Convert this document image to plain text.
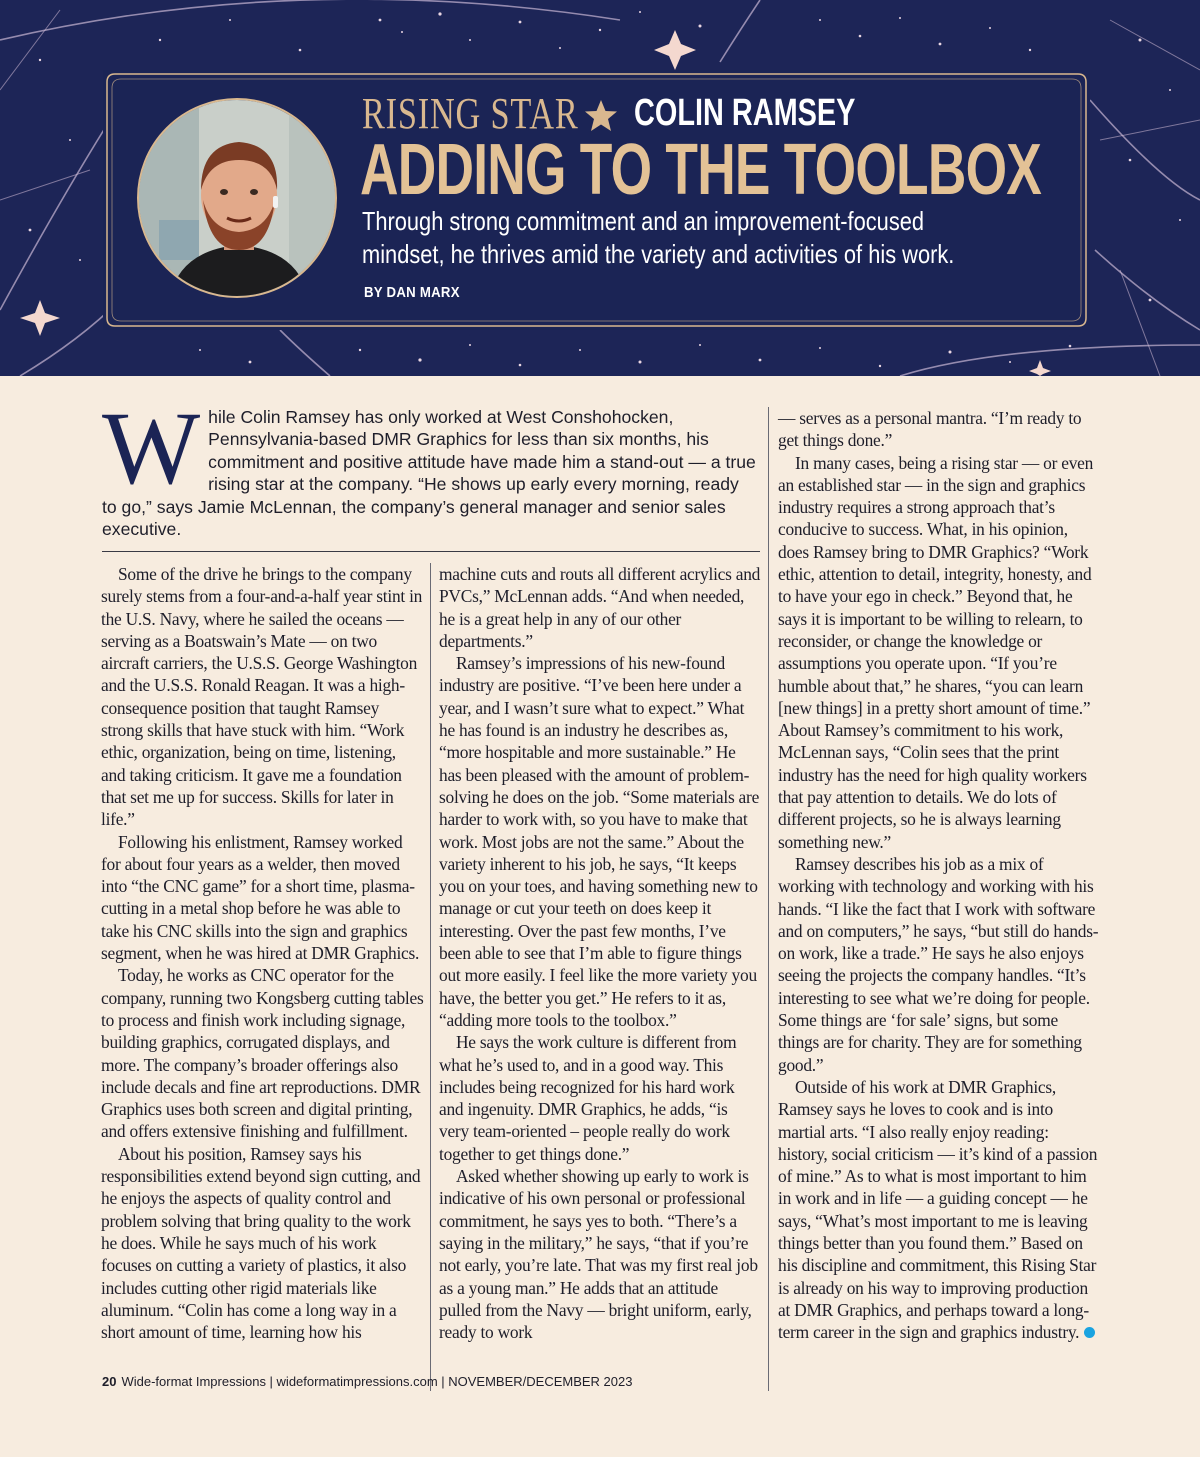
RISING STAR COLIN RAMSEY
ADDING TO THE TOOLBOX
Through strong commitment and an improvement-focused
mindset, he thrives amid the variety and activities of his work.
BY DAN MARX
While Colin Ramsey has only worked at West Conshohocken, Pennsylvania-based DMR Graphics for less than six months, his commitment and positive attitude have made him a stand-out — a true rising star at the company. “He shows up early every morning, ready to go,” says Jamie McLennan, the company’s general manager and senior sales executive.

Some of the drive he brings to the company surely stems from a four-and-a-half year stint in the U.S. Navy, where he sailed the oceans — serving as a Boatswain’s Mate — on two aircraft carriers, the U.S.S. George Washington and the U.S.S. Ronald Reagan. It was a high-consequence position that taught Ramsey strong skills that have stuck with him. “Work ethic, organization, being on time, listening, and taking criticism. It gave me a foundation that set me up for success. Skills for later in life.”

Following his enlistment, Ramsey worked for about four years as a welder, then moved into “the CNC game” for a short time, plasma-cutting in a metal shop before he was able to take his CNC skills into the sign and graphics segment, when he was hired at DMR Graphics.

Today, he works as CNC operator for the company, running two Kongsberg cutting tables to process and finish work including signage, building graphics, corrugated displays, and more. The company’s broader offerings also include decals and fine art reproductions. DMR Graphics uses both screen and digital printing, and offers extensive finishing and fulfillment.

About his position, Ramsey says his responsibilities extend beyond sign cutting, and he enjoys the aspects of quality control and problem solving that bring quality to the work he does. While he says much of his work focuses on cutting a variety of plastics, it also includes cutting other rigid materials like aluminum. “Colin has come a long way in a short amount of time, learning how his

machine cuts and routs all different acrylics and PVCs,” McLennan adds. “And when needed, he is a great help in any of our other departments.”

Ramsey’s impressions of his new-found industry are positive. “I’ve been here under a year, and I wasn’t sure what to expect.” What he has found is an industry he describes as, “more hospitable and more sustainable.” He has been pleased with the amount of problem-solving he does on the job. “Some materials are harder to work with, so you have to make that work. Most jobs are not the same.” About the variety inherent to his job, he says, “It keeps you on your toes, and having something new to manage or cut your teeth on does keep it interesting. Over the past few months, I’ve been able to see that I’m able to figure things out more easily. I feel like the more variety you have, the better you get.” He refers to it as, “adding more tools to the toolbox.”

He says the work culture is different from what he’s used to, and in a good way. This includes being recognized for his hard work and ingenuity. DMR Graphics, he adds, “is very team-oriented – people really do work together to get things done.”

Asked whether showing up early to work is indicative of his own personal or professional commitment, he says yes to both. “There’s a saying in the military,” he says, “that if you’re not early, you’re late. That was my first real job as a young man.” He adds that an attitude pulled from the Navy — bright uniform, early, ready to work

— serves as a personal mantra. “I’m ready to get things done.”

In many cases, being a rising star — or even an established star — in the sign and graphics industry requires a strong approach that’s conducive to success. What, in his opinion, does Ramsey bring to DMR Graphics? “Work ethic, attention to detail, integrity, honesty, and to have your ego in check.” Beyond that, he says it is important to be willing to relearn, to reconsider, or change the knowledge or assumptions you operate upon. “If you’re humble about that,” he shares, “you can learn [new things] in a pretty short amount of time.” About Ramsey’s commitment to his work, McLennan says, “Colin sees that the print industry has the need for high quality workers that pay attention to details. We do lots of different projects, so he is always learning something new.”

Ramsey describes his job as a mix of working with technology and working with his hands. “I like the fact that I work with software and on computers,” he says, “but still do hands-on work, like a trade.” He says he also enjoys seeing the projects the company handles. “It’s interesting to see what we’re doing for people. Some things are ‘for sale’ signs, but some things are for charity. They are for something good.”

Outside of his work at DMR Graphics, Ramsey says he loves to cook and is into martial arts. “I also really enjoy reading: history, social criticism — it’s kind of a passion of mine.” As to what is most important to him in work and in life — a guiding concept — he says, “What’s most important to me is leaving things better than you found them.” Based on his discipline and commitment, this Rising Star is already on his way to improving production at DMR Graphics, and perhaps toward a long-term career in the sign and graphics industry.

20 Wide-format Impressions | wideformatimpressions.com | NOVEMBER/DECEMBER 2023
